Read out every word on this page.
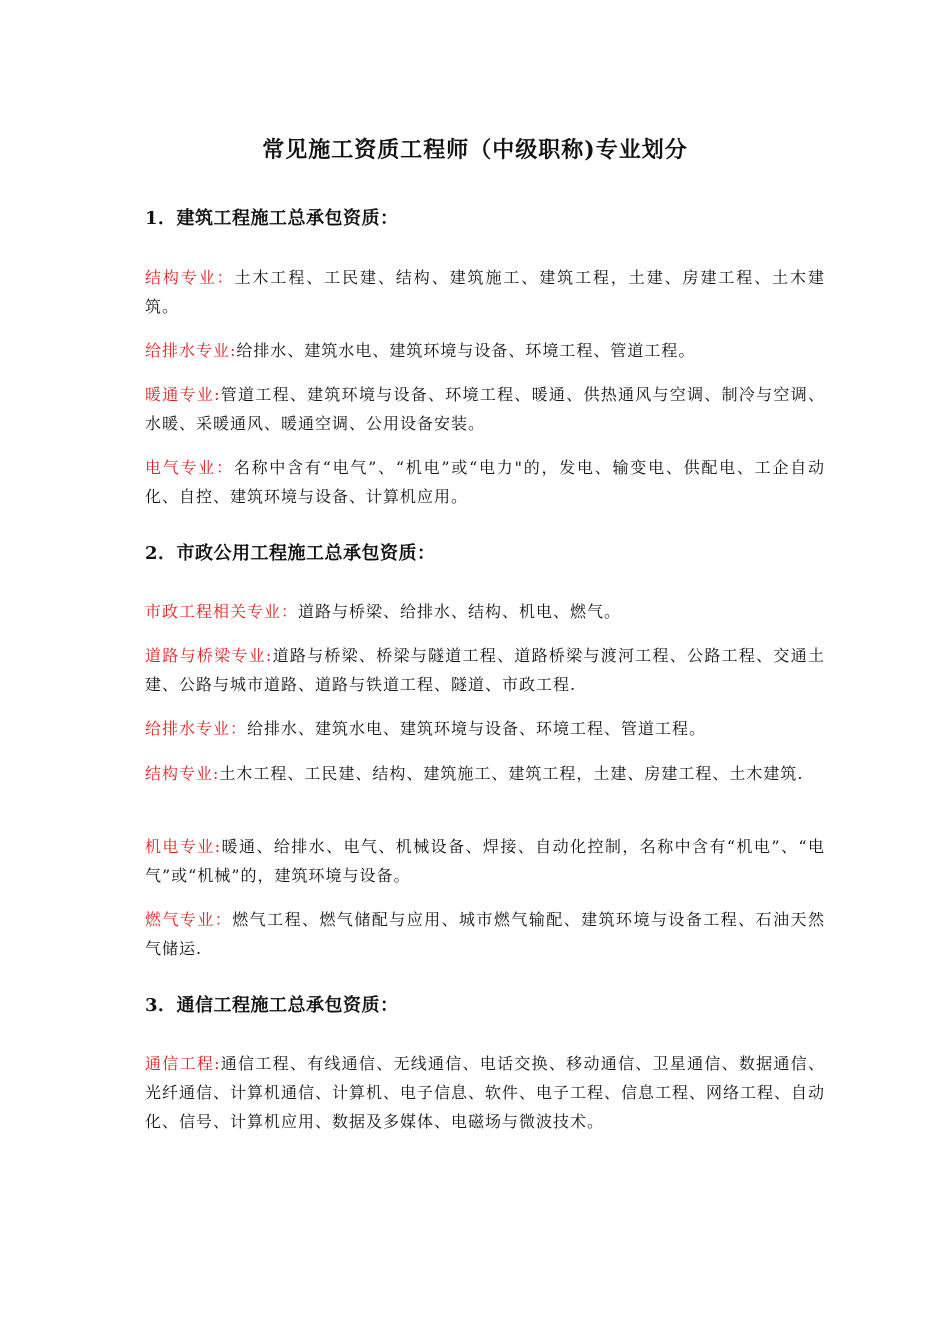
常见施工资质工程师（中级职称)专业划分
1．建筑工程施工总承包资质：
结构专业：土木工程、工民建、结构、建筑施工、建筑工程，土建、房建工程、土木建筑。
给排水专业:给排水、建筑水电、建筑环境与设备、环境工程、管道工程。
暖通专业:管道工程、建筑环境与设备、环境工程、暖通、供热通风与空调、制冷与空调、水暖、采暖通风、暖通空调、公用设备安装。
电气专业：名称中含有“电气”、“机电”或“电力"的，发电、输变电、供配电、工企自动化、自控、建筑环境与设备、计算机应用。
2．市政公用工程施工总承包资质：
市政工程相关专业：道路与桥梁、给排水、结构、机电、燃气。
道路与桥梁专业:道路与桥梁、桥梁与隧道工程、道路桥梁与渡河工程、公路工程、交通土建、公路与城市道路、道路与铁道工程、隧道、市政工程.
给排水专业：给排水、建筑水电、建筑环境与设备、环境工程、管道工程。
结构专业:土木工程、工民建、结构、建筑施工、建筑工程，土建、房建工程、土木建筑.
机电专业:暖通、给排水、电气、机械设备、焊接、自动化控制，名称中含有“机电”、“电气”或“机械”的，建筑环境与设备。
燃气专业：燃气工程、燃气储配与应用、城市燃气输配、建筑环境与设备工程、石油天然气储运.
3．通信工程施工总承包资质：
通信工程:通信工程、有线通信、无线通信、电话交换、移动通信、卫星通信、数据通信、光纤通信、计算机通信、计算机、电子信息、软件、电子工程、信息工程、网络工程、自动化、信号、计算机应用、数据及多媒体、电磁场与微波技术。
